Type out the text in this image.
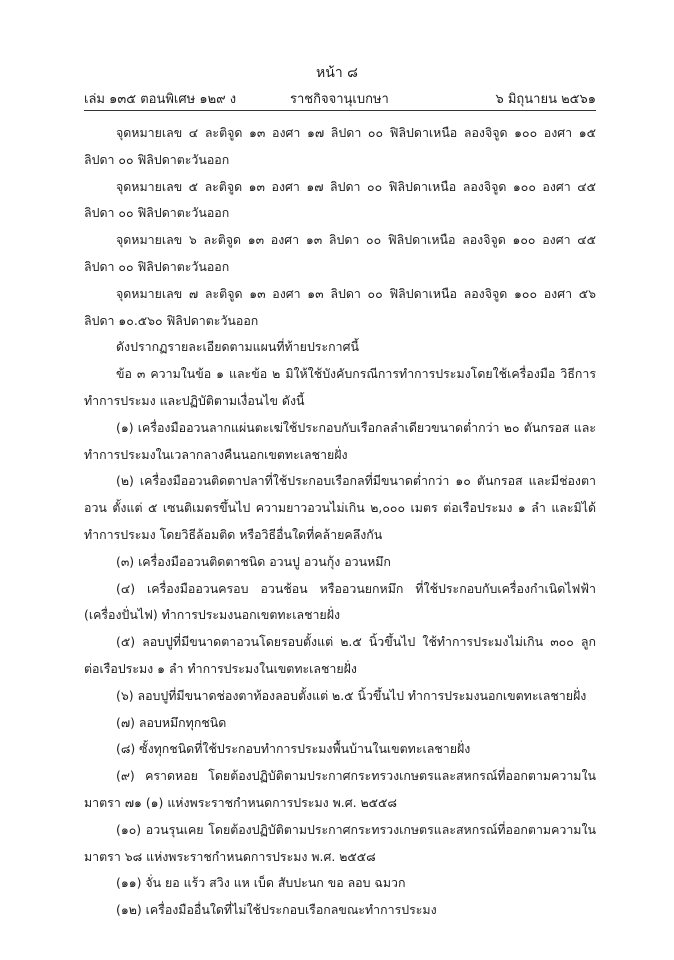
หน้า ๘
เล่ม ๑๓๕ ตอนพิเศษ ๑๒๙ ง	ราชกิจจานุเบกษา	๖ มิถุนายน ๒๕๖๑

จุดหมายเลข ๔ ละติจูด ๑๓ องศา ๑๗ ลิปดา ๐๐ ฟิลิปดาเหนือ ลองจิจูด ๑๐๐ องศา ๑๕ ลิปดา ๐๐ ฟิลิปดาตะวันออก

จุดหมายเลข ๕ ละติจูด ๑๓ องศา ๑๗ ลิปดา ๐๐ ฟิลิปดาเหนือ ลองจิจูด ๑๐๐ องศา ๔๕ ลิปดา ๐๐ ฟิลิปดาตะวันออก

จุดหมายเลข ๖ ละติจูด ๑๓ องศา ๑๓ ลิปดา ๐๐ ฟิลิปดาเหนือ ลองจิจูด ๑๐๐ องศา ๔๕ ลิปดา ๐๐ ฟิลิปดาตะวันออก

จุดหมายเลข ๗ ละติจูด ๑๓ องศา ๑๓ ลิปดา ๐๐ ฟิลิปดาเหนือ ลองจิจูด ๑๐๐ องศา ๕๖ ลิปดา ๑๐.๕๖๐ ฟิลิปดาตะวันออก

ดังปรากฏรายละเอียดตามแผนที่ท้ายประกาศนี้

ข้อ ๓ ความในข้อ ๑ และข้อ ๒ มิให้ใช้บังคับกรณีการทำการประมงโดยใช้เครื่องมือ วิธีการทำการประมง และปฏิบัติตามเงื่อนไข ดังนี้

(๑) เครื่องมืออวนลากแผ่นตะเฆ่ใช้ประกอบกับเรือกลลำเดียวขนาดต่ำกว่า ๒๐ ตันกรอส และ ทำการประมงในเวลากลางคืนนอกเขตทะเลชายฝั่ง

(๒) เครื่องมืออวนติดตาปลาที่ใช้ประกอบเรือกลที่มีขนาดต่ำกว่า ๑๐ ตันกรอส และมีช่องตาอวน ตั้งแต่ ๕ เซนติเมตรขึ้นไป ความยาวอวนไม่เกิน ๒,๐๐๐ เมตร ต่อเรือประมง ๑ ลำ และมิได้ทำการประมง โดยวิธีล้อมติด หรือวิธีอื่นใดที่คล้ายคลึงกัน

(๓) เครื่องมืออวนติดตาชนิด อวนปู อวนกุ้ง อวนหมึก

(๔) เครื่องมืออวนครอบ อวนช้อน หรืออวนยกหมึก ที่ใช้ประกอบกับเครื่องกำเนิดไฟฟ้า (เครื่องปั่นไฟ) ทำการประมงนอกเขตทะเลชายฝั่ง

(๕) ลอบปูที่มีขนาดตาอวนโดยรอบตั้งแต่ ๒.๕ นิ้วขึ้นไป ใช้ทำการประมงไม่เกิน ๓๐๐ ลูก ต่อเรือประมง ๑ ลำ ทำการประมงในเขตทะเลชายฝั่ง

(๖) ลอบปูที่มีขนาดช่องตาท้องลอบตั้งแต่ ๒.๕ นิ้วขึ้นไป ทำการประมงนอกเขตทะเลชายฝั่ง

(๗) ลอบหมึกทุกชนิด

(๘) ซั้งทุกชนิดที่ใช้ประกอบทำการประมงพื้นบ้านในเขตทะเลชายฝั่ง

(๙) คราดหอย โดยต้องปฏิบัติตามประกาศกระทรวงเกษตรและสหกรณ์ที่ออกตามความใน มาตรา ๗๑ (๑) แห่งพระราชกำหนดการประมง พ.ศ. ๒๕๕๘

(๑๐) อวนรุนเคย โดยต้องปฏิบัติตามประกาศกระทรวงเกษตรและสหกรณ์ที่ออกตามความใน มาตรา ๖๘ แห่งพระราชกำหนดการประมง พ.ศ. ๒๕๕๘

(๑๑) จั่น ยอ แร้ว สวิง แห เบ็ด สับปะนก ขอ ลอบ ฉมวก

(๑๒) เครื่องมืออื่นใดที่ไม่ใช้ประกอบเรือกลขณะทำการประมง
